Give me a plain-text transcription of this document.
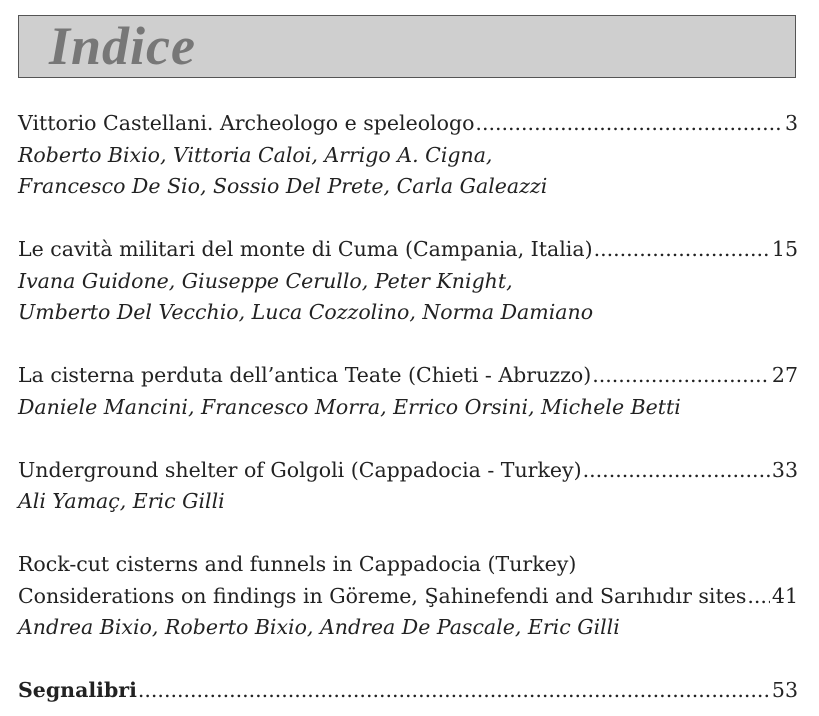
Indice
Vittorio Castellani. Archeologo e speleologo .....	3
Roberto Bixio, Vittoria Caloi, Arrigo A. Cigna,
Francesco De Sio, Sossio Del Prete, Carla Galeazzi
Le cavità militari del monte di Cuma (Campania, Italia) .....	15
Ivana Guidone, Giuseppe Cerullo, Peter Knight,
Umberto Del Vecchio, Luca Cozzolino, Norma Damiano
La cisterna perduta dell’antica Teate (Chieti - Abruzzo) .....	27
Daniele Mancini, Francesco Morra, Errico Orsini, Michele Betti
Underground shelter of Golgoli (Cappadocia - Turkey) .....	33
Ali Yamaç, Eric Gilli
Rock-cut cisterns and funnels in Cappadocia (Turkey)
Considerations on findings in Göreme, Şahinefendi and Sarıhıdır sites ..... 41
Andrea Bixio, Roberto Bixio, Andrea De Pascale, Eric Gilli
Segnalibri .....	53
